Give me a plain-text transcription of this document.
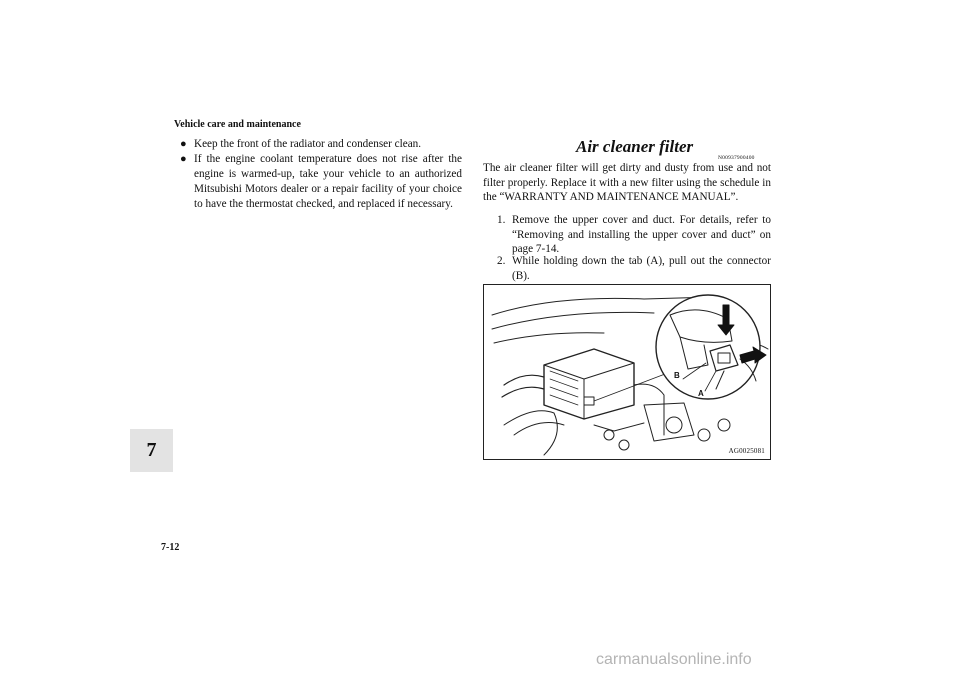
Vehicle care and maintenance
● Keep the front of the radiator and condenser clean.
● If the engine coolant temperature does not rise after the engine is warmed-up, take your vehicle to an authorized Mitsubishi Motors dealer or a repair facility of your choice to have the thermostat checked, and replaced if necessary.
Air cleaner filter
N00937900400
The air cleaner filter will get dirty and dusty from use and not filter properly. Replace it with a new filter using the schedule in the “WARRANTY AND MAINTENANCE MANUAL”.
1. Remove the upper cover and duct. For details, refer to “Removing and installing the upper cover and duct” on page 7-14.
2. While holding down the tab (A), pull out the connector (B).
B
A
AG0025081
7
7-12
carmanualsonline.info
